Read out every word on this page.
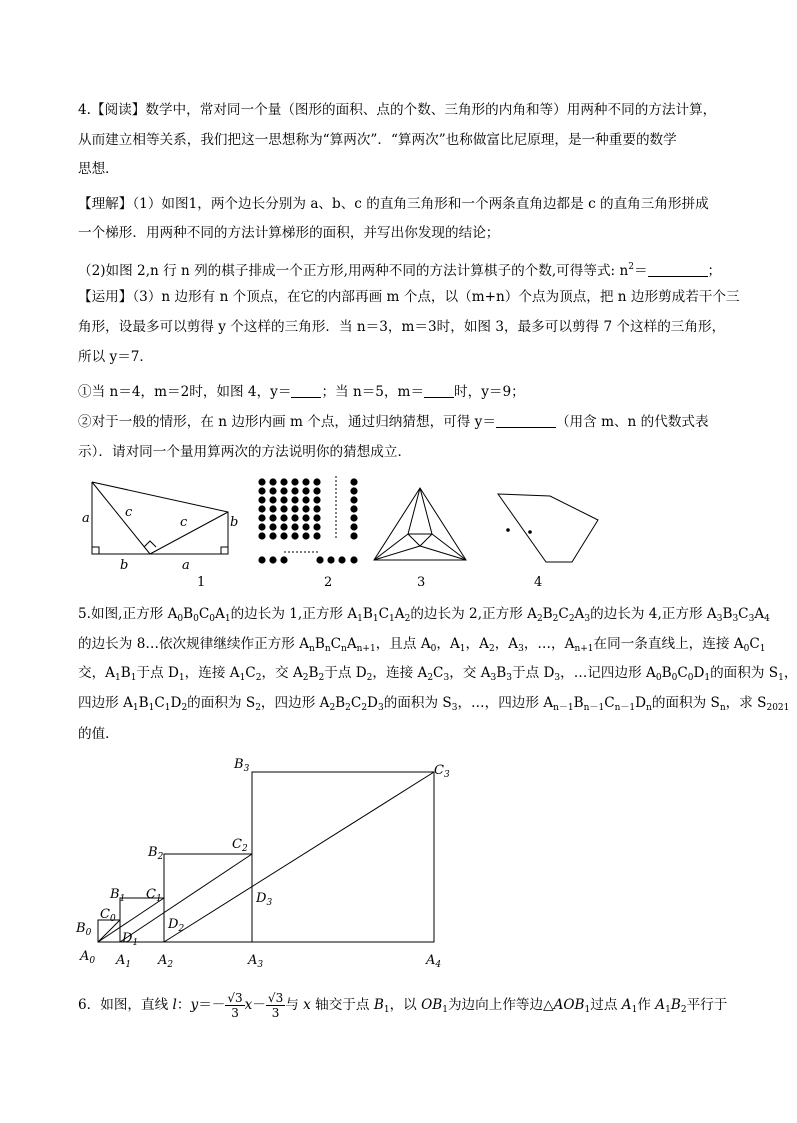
4.【阅读】数学中，常对同一个量（图形的面积、点的个数、三角形的内角和等）用两种不同的方法计算，
从而建立相等关系，我们把这一思想称为“算两次”．“算两次”也称做富比尼原理，是一种重要的数学
思想．
【理解】（1）如图1，两个边长分别为 a、b、c 的直角三角形和一个两条直角边都是 c 的直角三角形拼成
一个梯形．用两种不同的方法计算梯形的面积，并写出你发现的结论；
（2)如图 2,n 行 n 列的棋子排成一个正方形,用两种不同的方法计算棋子的个数,可得等式: $n^2=$	；
【运用】（3）n 边形有 n 个顶点，在它的内部再画 m 个点，以（m+n）个点为顶点，把 n 边形剪成若干个三
角形，设最多可以剪得 y 个这样的三角形．当 n＝3，m＝3时，如图 3，最多可以剪得 7 个这样的三角形，
所以 y＝7．
①当 n＝4，m＝2时，如图 4，y＝ ；当 n＝5，m＝ 时，y＝9；
②对于一般的情形，在 n 边形内画 m 个点，通过归纳猜想，可得 y＝	（用含 m、n 的代数式表
示）．请对同一个量用算两次的方法说明你的猜想成立．
a	c
c	b
b	a
1	2	3	4
5.如图,正方形 $A_0B_0C_0A_1$的边长为 1,正方形 $A_1B_1C_1A_2$的边长为 2,正方形 $A_2B_2C_2A_3$的边长为 4,正方形 $A_3B_3C_3A_4$
的边长为 8…依次规律继续作正方形 $A_nB_nC_nA_{n+1}$，且点 $A_0$，$A_1$，$A_2$，$A_3$，…，$A_{n+1}$在同一条直线上，连接 $A_0C_1$
交，$A_1B_1$于点 $D_1$，连接 $A_1C_2$，交 $A_2B_2$于点 $D_2$，连接 $A_2C_3$，交 $A_3B_3$于点 $D_3$，…记四边形 $A_0B_0C_0D_1$的面积为 $S_1$，
四边形 $A_1B_1C_1D_2$的面积为 $S_2$，四边形 $A_2B_2C_2D_3$的面积为 $S_3$，…，四边形 $A_{n-1}B_{n-1}C_{n-1}D_n$的面积为 $S_n$，求 $S_{2021}$
的值．
$B_0$
$C_0$
$B_1$ $C_1$
$B_2$
$C_2$
$B_3$	$C_3$
$D_1$
$D_2$
$D_3$
$A_0$ $A_1$ $A_2$	$A_3$	$A_4$
6．如图，直线 l：$y=- \frac{√3}{3} x- \frac{√3}{3}$ 与 x 轴交于点 $B_1$，以 $OB_1$为边向上作等边$\triangle AOB_1$过点 $A_1$作 $A_1B_2$平行于
